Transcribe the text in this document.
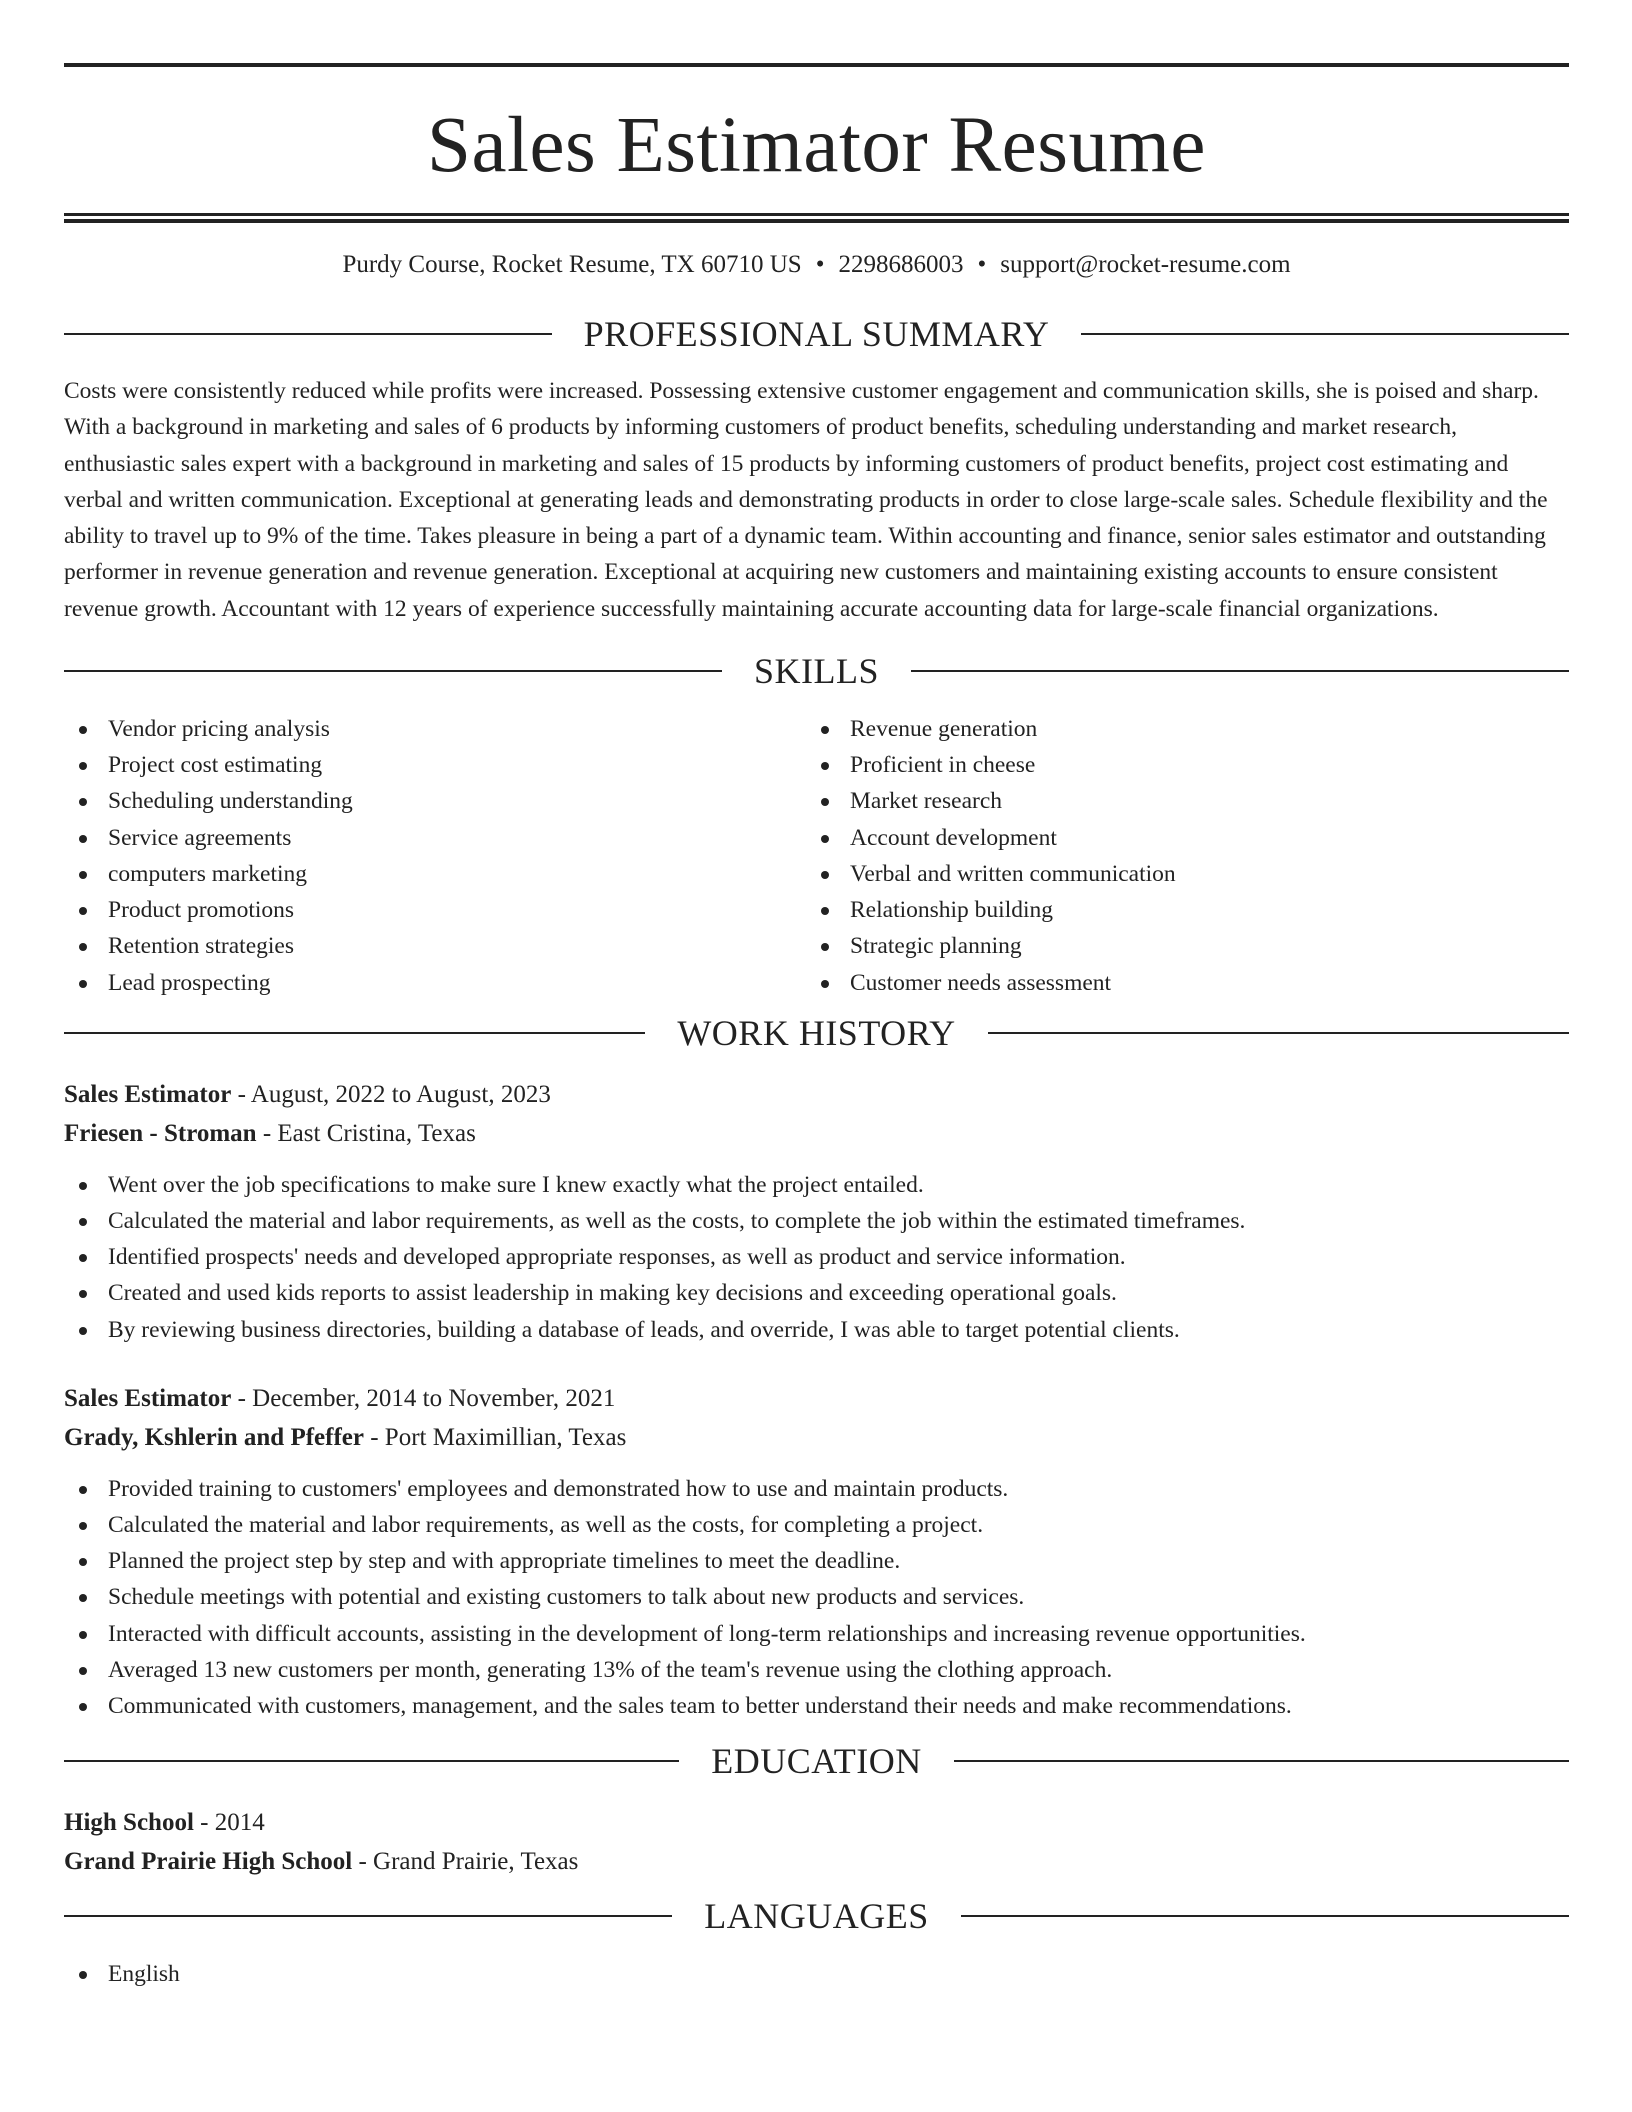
Sales Estimator Resume
Purdy Course, Rocket Resume, TX 60710 US • 2298686003 • support@rocket-resume.com
PROFESSIONAL SUMMARY

Costs were consistently reduced while profits were increased. Possessing extensive customer engagement and communication skills, she is poised and sharp. With a background in marketing and sales of 6 products by informing customers of product benefits, scheduling understanding and market research, enthusiastic sales expert with a background in marketing and sales of 15 products by informing customers of product benefits, project cost estimating and verbal and written communication. Exceptional at generating leads and demonstrating products in order to close large-scale sales. Schedule flexibility and the ability to travel up to 9% of the time. Takes pleasure in being a part of a dynamic team. Within accounting and finance, senior sales estimator and outstanding performer in revenue generation and revenue generation. Exceptional at acquiring new customers and maintaining existing accounts to ensure consistent revenue growth. Accountant with 12 years of experience successfully maintaining accurate accounting data for large-scale financial organizations.

SKILLS
Vendor pricing analysis
Project cost estimating
Scheduling understanding
Service agreements
computers marketing
Product promotions
Retention strategies
Lead prospecting
Revenue generation
Proficient in cheese
Market research
Account development
Verbal and written communication
Relationship building
Strategic planning
Customer needs assessment
WORK HISTORY
Sales Estimator - August, 2022 to August, 2023
Friesen - Stroman - East Cristina, Texas
Went over the job specifications to make sure I knew exactly what the project entailed.
Calculated the material and labor requirements, as well as the costs, to complete the job within the estimated timeframes.
Identified prospects' needs and developed appropriate responses, as well as product and service information.
Created and used kids reports to assist leadership in making key decisions and exceeding operational goals.
By reviewing business directories, building a database of leads, and override, I was able to target potential clients.
Sales Estimator - December, 2014 to November, 2021
Grady, Kshlerin and Pfeffer - Port Maximillian, Texas
Provided training to customers' employees and demonstrated how to use and maintain products.
Calculated the material and labor requirements, as well as the costs, for completing a project.
Planned the project step by step and with appropriate timelines to meet the deadline.
Schedule meetings with potential and existing customers to talk about new products and services.
Interacted with difficult accounts, assisting in the development of long-term relationships and increasing revenue opportunities.
Averaged 13 new customers per month, generating 13% of the team's revenue using the clothing approach.
Communicated with customers, management, and the sales team to better understand their needs and make recommendations.
EDUCATION
High School - 2014
Grand Prairie High School - Grand Prairie, Texas
LANGUAGES
English
